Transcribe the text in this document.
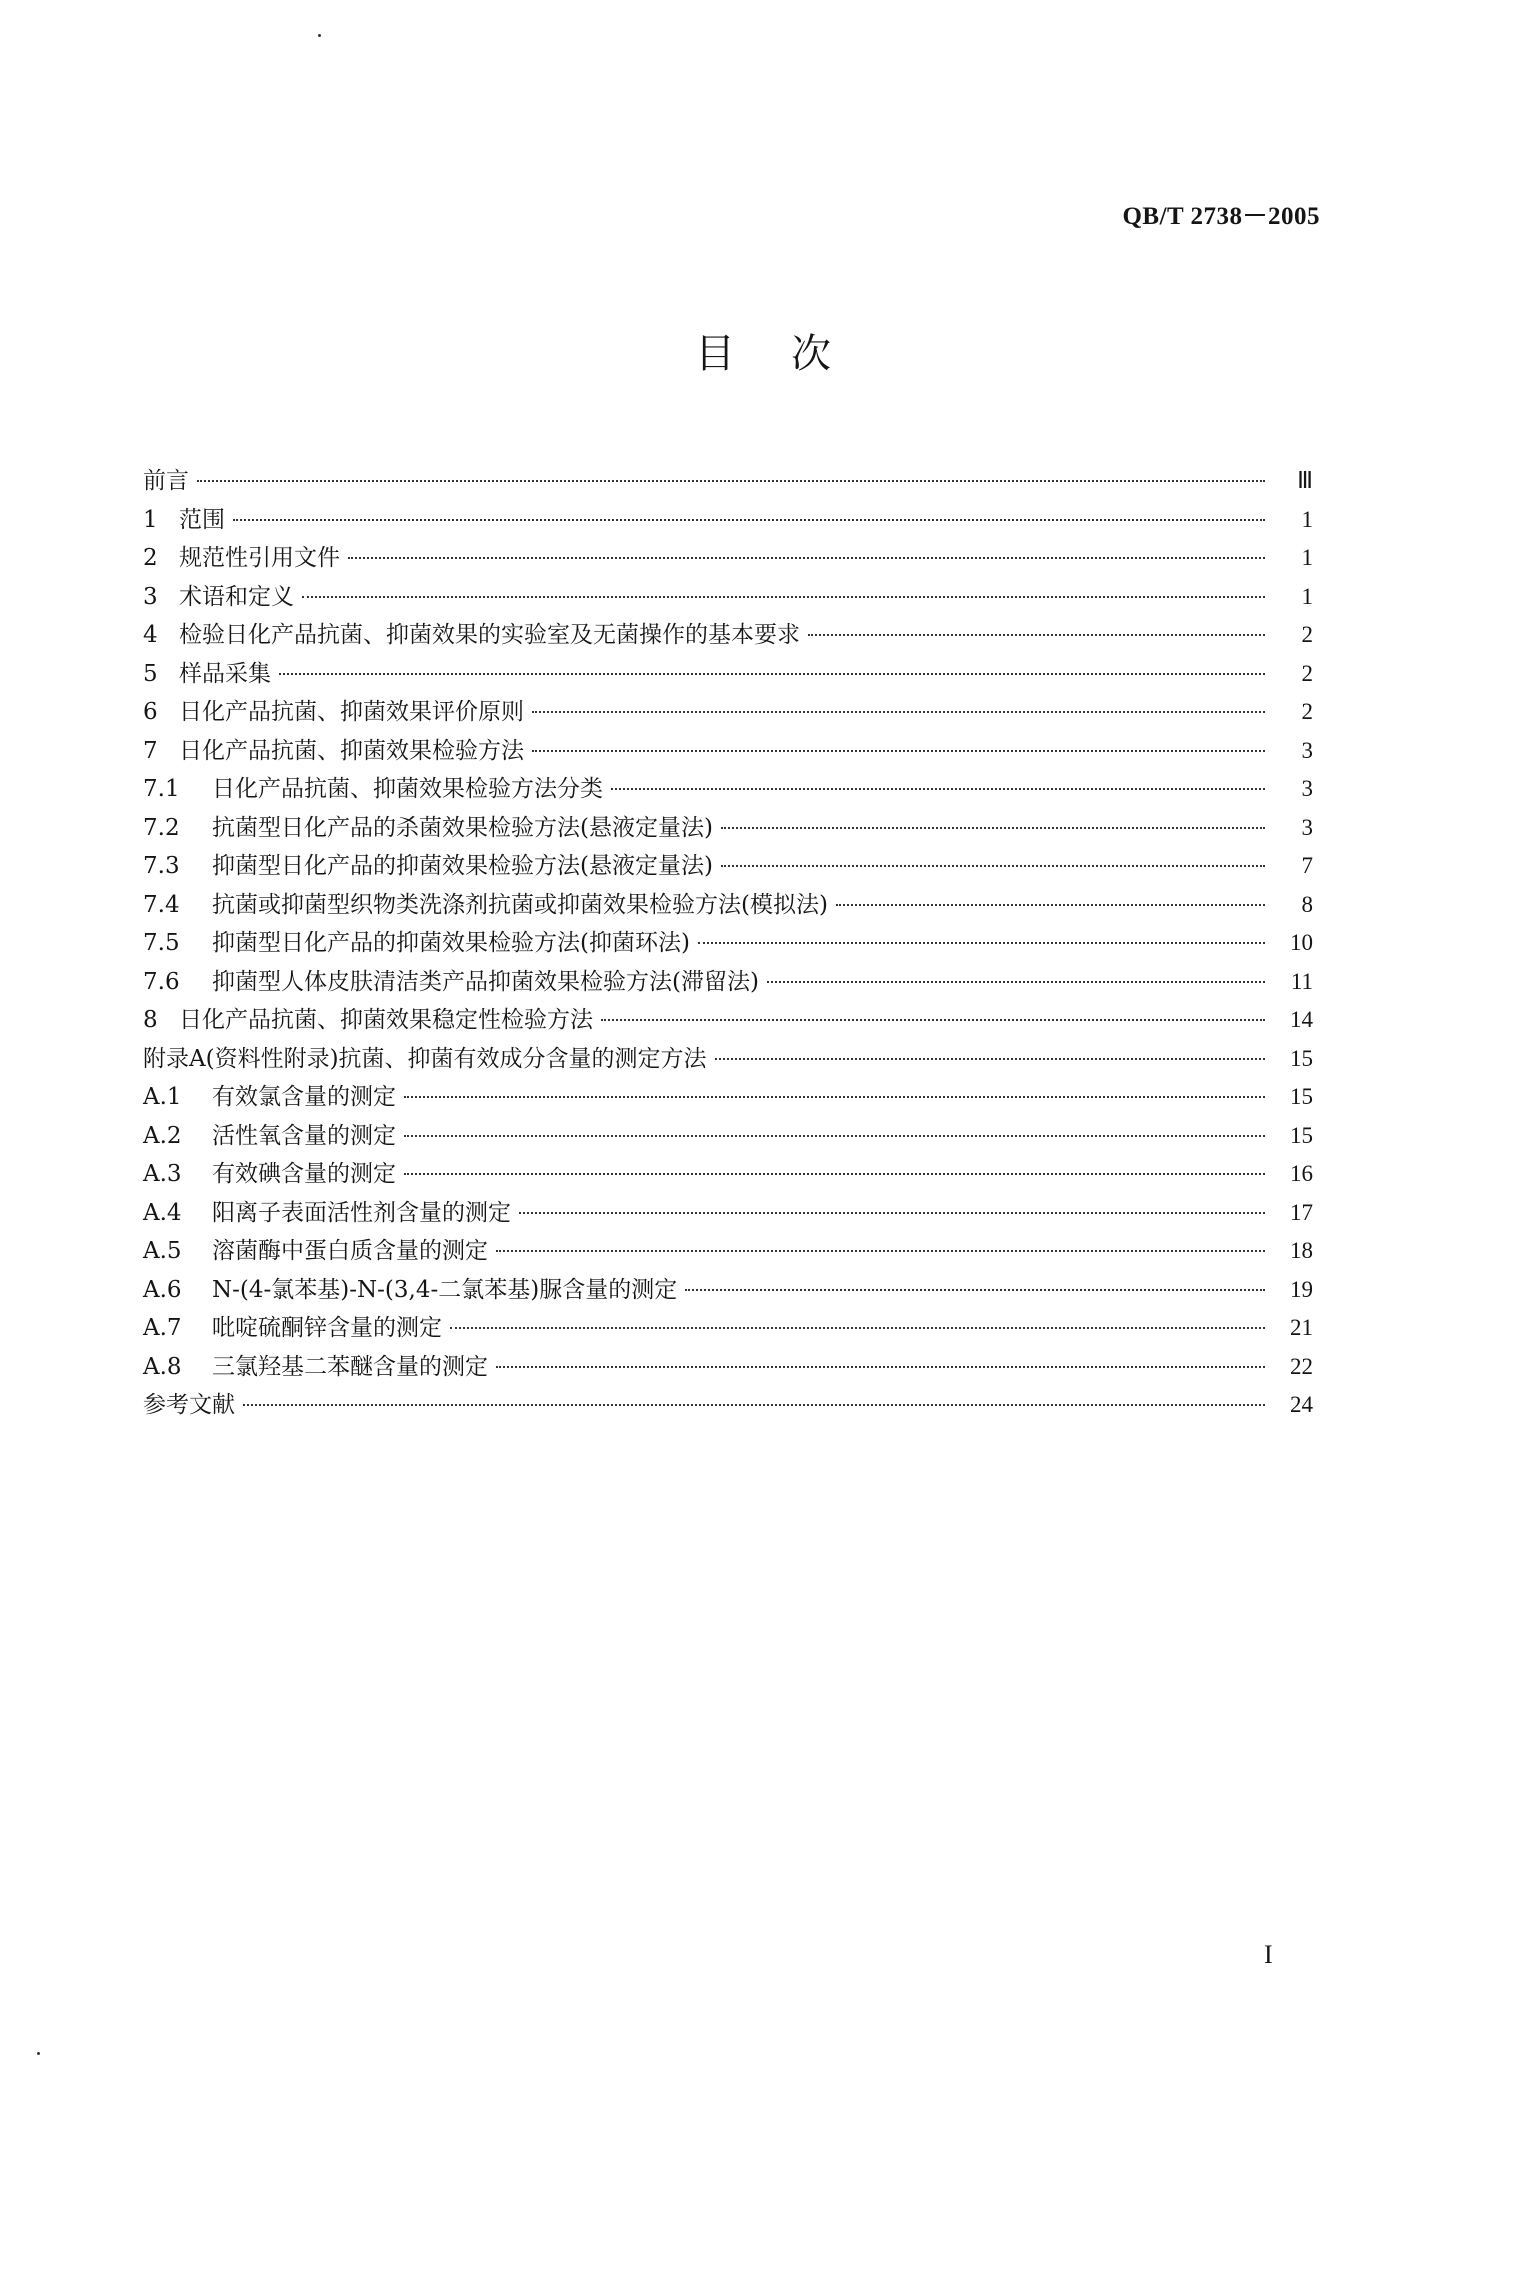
QB/T 2738－2005
目次
前言	Ⅲ
1 范围	1
2 规范性引用文件	1
3 术语和定义	1
4 检验日化产品抗菌、抑菌效果的实验室及无菌操作的基本要求	2
5 样品采集	2
6 日化产品抗菌、抑菌效果评价原则	2
7 日化产品抗菌、抑菌效果检验方法	3
7.1	日化产品抗菌、抑菌效果检验方法分类	3
7.2	抗菌型日化产品的杀菌效果检验方法(悬液定量法)	3
7.3	抑菌型日化产品的抑菌效果检验方法(悬液定量法)	7
7.4	抗菌或抑菌型织物类洗涤剂抗菌或抑菌效果检验方法(模拟法)	8
7.5	抑菌型日化产品的抑菌效果检验方法(抑菌环法)	10
7.6	抑菌型人体皮肤清洁类产品抑菌效果检验方法(滞留法)	11
8 日化产品抗菌、抑菌效果稳定性检验方法	14
附录A(资料性附录)抗菌、抑菌有效成分含量的测定方法	15
A.1	有效氯含量的测定	15
A.2	活性氧含量的测定	15
A.3	有效碘含量的测定	16
A.4	阳离子表面活性剂含量的测定	17
A.5	溶菌酶中蛋白质含量的测定	18
A.6	N-(4-氯苯基)-N-(3,4-二氯苯基)脲含量的测定	19
A.7	吡啶硫酮锌含量的测定	21
A.8	三氯羟基二苯醚含量的测定	22
参考文献	24
I
